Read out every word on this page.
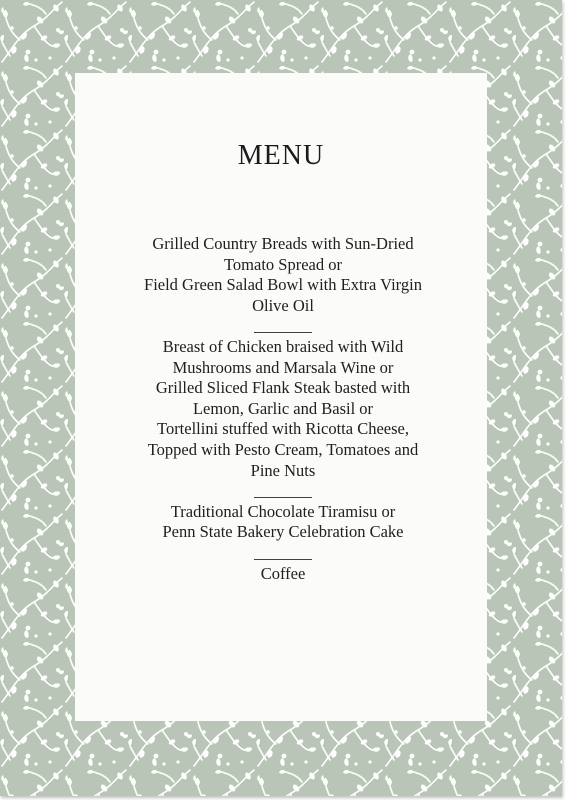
MENU
Grilled Country Breads with Sun-Dried
Tomato Spread or
Field Green Salad Bowl with Extra Virgin
Olive Oil
_______
Breast of Chicken braised with Wild
Mushrooms and Marsala Wine or
Grilled Sliced Flank Steak basted with
Lemon, Garlic and Basil or
Tortellini stuffed with Ricotta Cheese,
Topped with Pesto Cream, Tomatoes and
Pine Nuts
_______
Traditional Chocolate Tiramisu or
Penn State Bakery Celebration Cake
_______
Coffee
